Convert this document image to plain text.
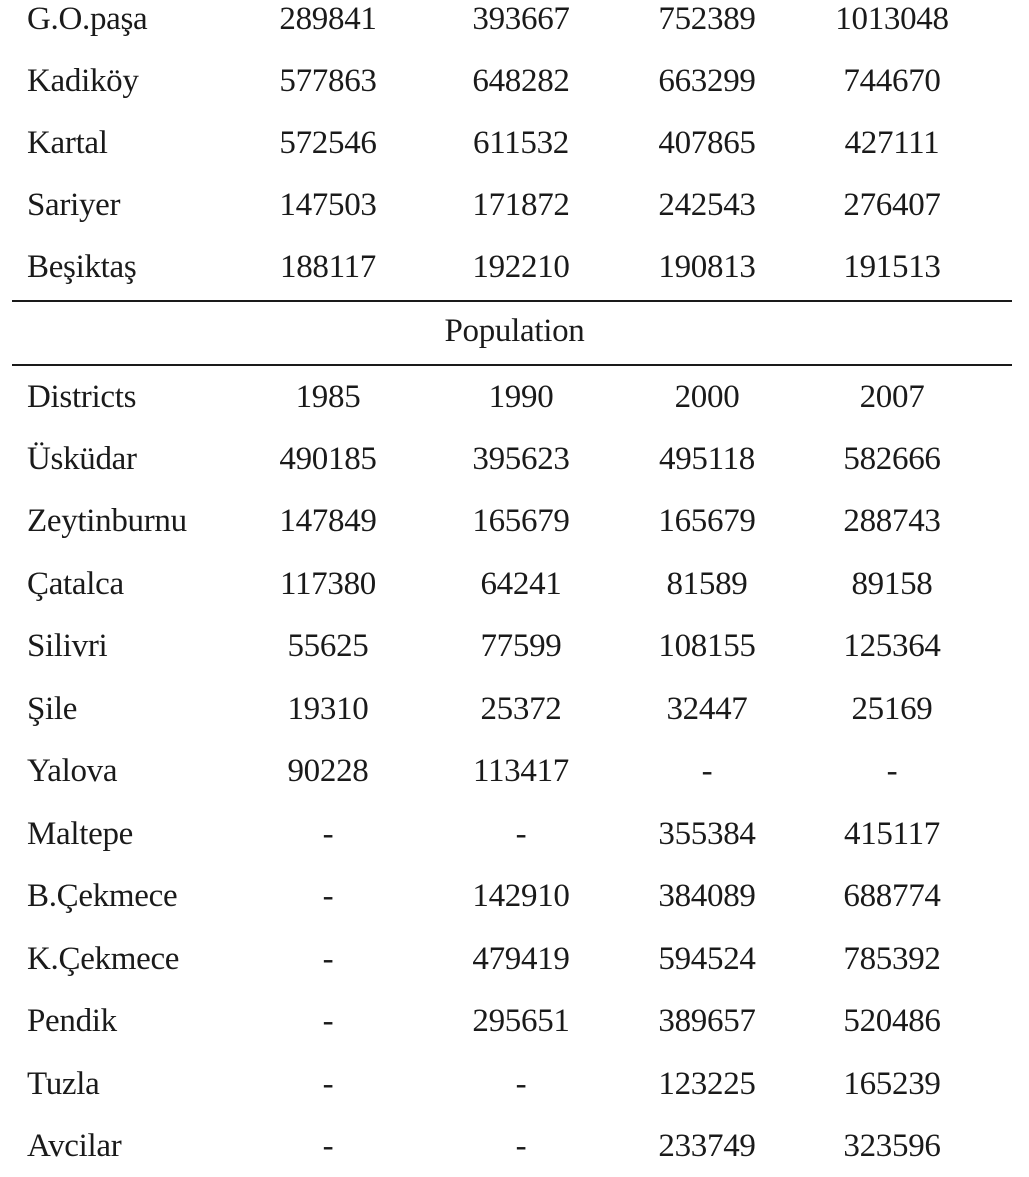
G.O.paşa	289841	393667	752389	1013048
Kadiköy	577863	648282	663299	744670
Kartal	572546	611532	407865	427111
Sariyer	147503	171872	242543	276407
Beşiktaş	188117	192210	190813	191513
Population
Districts	1985	1990	2000	2007
Üsküdar	490185	395623	495118	582666
Zeytinburnu	147849	165679	165679	288743
Çatalca	117380	64241	81589	89158
Silivri	55625	77599	108155	125364
Şile	19310	25372	32447	25169
Yalova	90228	113417	-	-
Maltepe	-	-	355384	415117
B.Çekmece	-	142910	384089	688774
K.Çekmece	-	479419	594524	785392
Pendik	-	295651	389657	520486
Tuzla	-	-	123225	165239
Avcilar	-	-	233749	323596
